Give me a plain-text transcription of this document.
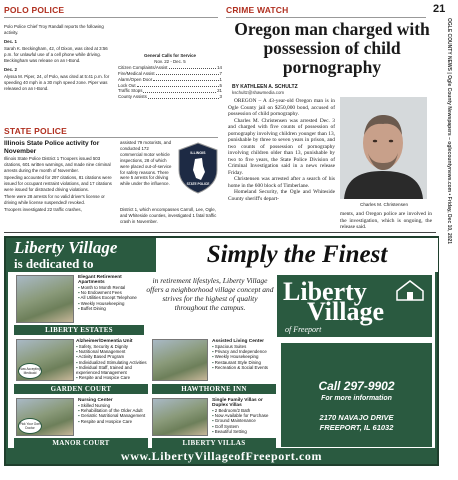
POLO POLICE	CRIME WATCH	21
OGLE COUNTY NEWS | Ogle County Newspapers – oglecountynews.com • Friday, Dec 10, 2021

Polo Police Chief Troy Randall reports the following activity.

Dec. 1

Sarah K. Beckingham, 42, of Dixon, was cited at 3:56 p.m. for unlawful use of a cell phone while driving. Beckingham was release on an I-Bond.

Dec. 2

Alyssa M. Piper, 24, of Polo, was cited at 5:41 p.m. for speeding 40 mph in a 30 mph speed zone. Piper was released on an I-Bond.

General Calls for Service
Nov. 22 - Dec. 5
Citizen Complaints/Assist	14
Fire/Medical Assist	7
Alarm/Open Door	1
Lock Out	5
Traffic Stops	21
County Assists	3
STATE POLICE
Illinois State Police activity for November

Illinois State Police District 1 Troopers issued 503 citations, 601 written warnings, and made nine criminal arrests during the month of November.

Speeding accounted for 297 citations, 81 citations were issued for occupant restraint violations, and 17 citations were issued for distracted driving violations.

There were 28 arrests for no valid driver's license or driving while license suspended/ revoked.

Troopers investigated 22 traffic crashes,

assisted 79 motorists, and conducted 172 commercial motor vehicle inspections, 28 of which were placed out-of-service for safety reasons. There were 5 arrests for driving while under the influence.

District 1, which encompasses Carroll, Lee, Ogle, and Whiteside counties, investigated 1 fatal traffic crash in November.

ILLINOIS
STATE POLICE
Oregon man charged with possession of child pornography
BY KATHLEEN A. SCHULTZ
kschultz@shawmedia.com

OREGON – A 43-year-old Oregon man is in Ogle County jail on $250,000 bond, accused of possession of child pornography.

Charles M. Christensen was arrested Dec. 3 and charged with five counts of possession of pornography involving children younger than 13, punishable by three to seven years in prison, and two counts of possession of pornography involving children older than 13, punishable by two to five years, the State Police Division of Criminal Investigation said in a news release Friday.

Christensen was arrested after a search of his home in the 600 block of Timberlane.

Homeland Security, the Ogle and Whiteside County sheriff's depart-

Charles M. Christensen
ments, and Oregon police are involved in the investigation, which is ongoing, the release said.
Liberty Village
is dedicated to	Simply the Finest
in retirement lifestyles, Liberty Village offers a neighborhood village concept and strives for the highest of quality throughout the campus.
Liberty
Village
of Freeport
Elegant Retirement Apartments
▪ Month to Month Rental
▪ No Endowment Fees
▪ All Utilities Except Telephone
▪ Weekly Housekeeping
▪ Buffet Dining
LIBERTY ESTATES
Now Accepting Medicaid
Alzheimer/Dementia Unit
▪ Safety, Security & Dignity
▪ Nutritional Management
▪ Activity Based Program
▪ Individualized Stimulating Activities
▪ Individual Staff, trained and experienced Management
▪ Respite and Hospice Care
GARDEN COURT
Assisted Living Center
▪ Spacious Suites
▪ Privacy and Independence
▪ Weekly Housekeeping
▪ Restaurant Style Dining
▪ Recreation & Social Events
HAWTHORNE INN
Pick Your Own Doctor
Nursing Center
▪ Skilled Nursing
▪ Rehabilitation of the Older Adult
▪ Geriatric Nutritional Management
▪ Respite and Hospice Care
MANOR COURT
Single Family Villas or Duplex Villas
▪ 2 Bedroom/2 Bath
▪ Now Available for Purchase
▪ Ground Maintenance
▪ Golf System
▪ Beautiful Setting
LIBERTY VILLAS
Call 297-9902
For more information
2170 NAVAJO DRIVE
FREEPORT, IL 61032
www.LibertyVillageofFreeport.com
